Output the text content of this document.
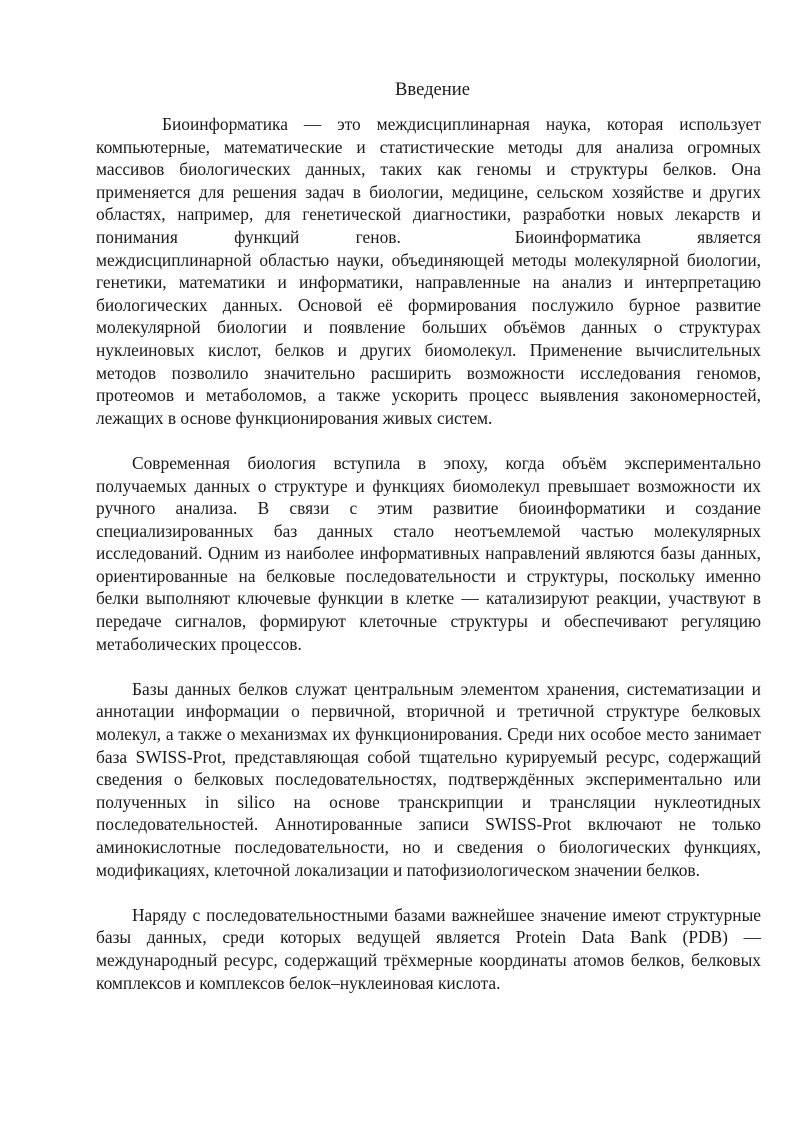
Введение

Биоинформатика — это междисциплинарная наука, которая использует компьютерные, математические и статистические методы для анализа огромных массивов биологических данных, таких как геномы и структуры белков. Она применяется для решения задач в биологии, медицине, сельском хозяйстве и других областях, например, для генетической диагностики, разработки новых лекарств и понимания функций генов.	Биоинформатика является междисциплинарной областью науки, объединяющей методы молекулярной биологии, генетики, математики и информатики, направленные на анализ и интерпретацию биологических данных. Основой её формирования послужило бурное развитие молекулярной биологии и появление больших объёмов данных о структурах нуклеиновых кислот, белков и других биомолекул. Применение вычислительных методов позволило значительно расширить возможности исследования геномов, протеомов и метаболомов, а также ускорить процесс выявления закономерностей, лежащих в основе функционирования живых систем.

Современная биология вступила в эпоху, когда объём экспериментально получаемых данных о структуре и функциях биомолекул превышает возможности их ручного анализа. В связи с этим развитие биоинформатики и создание специализированных баз данных стало неотъемлемой частью молекулярных исследований. Одним из наиболее информативных направлений являются базы данных, ориентированные на белковые последовательности и структуры, поскольку именно белки выполняют ключевые функции в клетке — катализируют реакции, участвуют в передаче сигналов, формируют клеточные структуры и обеспечивают регуляцию метаболических процессов.

Базы данных белков служат центральным элементом хранения, систематизации и аннотации информации о первичной, вторичной и третичной структуре белковых молекул, а также о механизмах их функционирования. Среди них особое место занимает база SWISS-Prot, представляющая собой тщательно курируемый ресурс, содержащий сведения о белковых последовательностях, подтверждённых экспериментально или полученных in silico на основе транскрипции и трансляции нуклеотидных последовательностей. Аннотированные записи SWISS-Prot включают не только аминокислотные последовательности, но и сведения о биологических функциях, модификациях, клеточной локализации и патофизиологическом значении белков.

Наряду с последовательностными базами важнейшее значение имеют структурные базы данных, среди которых ведущей является Protein Data Bank (PDB) — международный ресурс, содержащий трёхмерные координаты атомов белков, белковых комплексов и комплексов белок–нуклеиновая кислота.
